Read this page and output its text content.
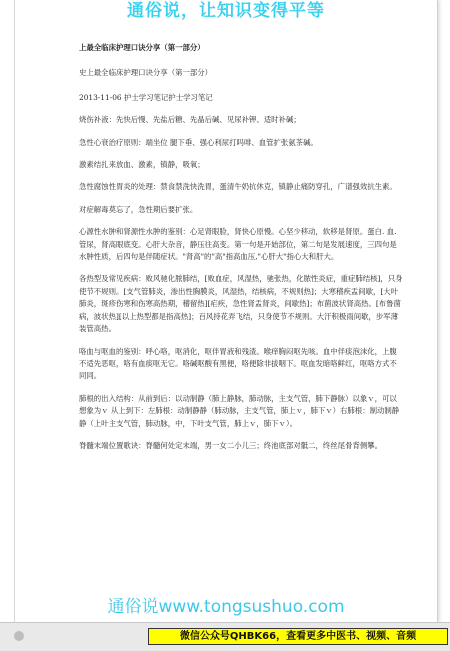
通俗说，让知识变得平等

上最全临床护理口诀分享（第一部分）

史上最全临床护理口诀分享（第一部分）

2013-11-06 护士学习笔记护士学习笔记

烧伤补液：先快后慢、先盐后糖、先晶后碱、见尿补钾、适时补碱；

急性心衰治疗原则：端坐位 腿下垂、强心利尿打吗啡、血管扩张氨茶碱。

激素结扎来放血、激素，镇静，吸氧；

急性腐蚀性胃炎的处理：禁食禁洗快洗胃，蛋清牛奶抗休克，镇静止痛防穿孔，广谱强效抗生素。

对症解毒莫忘了，急性期后要扩张。

心源性水肿和肾源性水肿的鉴别：心足肾眼脸，肾快心原慢。心坚少移动，软移是肾原。蛋白. 血. 管尿，肾高眼底变。心肝大杂音，静压往高变。第一句是开始部位，第二句是发展速度，三四句是水肿性质，后四句是伴随症状。"肾高"的"高"指高血压,"心肝大"指心大和肝大。

各热型及常见疾病：败风驰化脓肺结，[败血症，风湿热，驰张热，化脓性炎症，重症肺结核]，只身使节不规则。[支气管肺炎，渗出性胸膜炎，风湿热，结核病，不规则热]；大寒稽疾盂间歇，[大叶肺炎，斑疹伤寒和伤寒高热期，稽留热][疟疾，急性肾盂肾炎，间歇热]；布菌波状肾高热。[布鲁菌病，波状热][以上热型都是指高热]；百风持花弄飞结，只身使节不规则。大汗积极雨间歇，步军薄装管高热。

咯血与呕血的鉴别：呼心咯，呕消化，呕伴胃液和残渣。喉痒胸闷呕先咳。血中伴痰泡沫化，上腹不适先恶呕，咯有血痰呕无它。咯碱呕酸有黑便，咯便除非拔咽下。呕血发暗咯鲜红，呕咯方式不同同。

肺根的出入结构：从前到后：以动制静（肺上静脉，肺动脉，主支气管，肺下静脉）以象ｖ，可以想象为ｖ 从上到下：左肺根：动制静静（肺动脉，主支气管，肺上ｖ，肺下ｖ）右肺根：制动制静静（上叶主支气管，肺动脉，中，下叶支气管，肺上ｖ，肺下ｖ）。

脊髓末端位置歌诀：脊髓何处定末端，男一女二小儿三；终池底部对骶二，终丝尾骨背侧攀。

通俗说www.tongsushuo.com
微信公众号QHBK66，查看更多中医书、视频、音频
